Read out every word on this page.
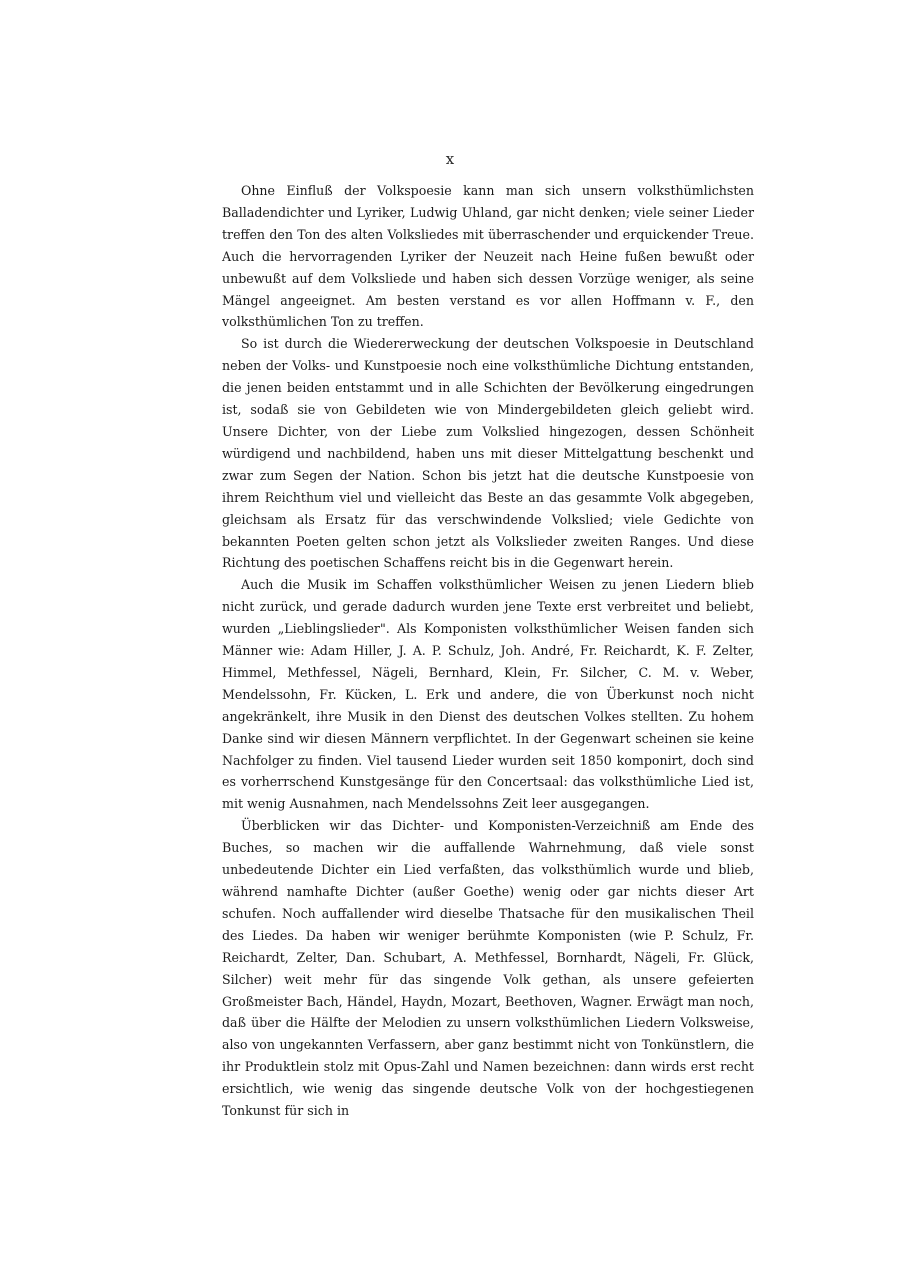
x

Ohne Einfluß der Volkspoesie kann man sich unsern volksthümlichsten Balladendichter und Lyriker, Ludwig Uhland, gar nicht denken; viele seiner Lieder treffen den Ton des alten Volksliedes mit überraschender und erquickender Treue. Auch die hervorragenden Lyriker der Neuzeit nach Heine fußen bewußt oder unbewußt auf dem Volksliede und haben sich dessen Vorzüge weniger, als seine Mängel angeeignet. Am besten verstand es vor allen Hoffmann v. F., den volksthümlichen Ton zu treffen.

So ist durch die Wiedererweckung der deutschen Volkspoesie in Deutschland neben der Volks- und Kunstpoesie noch eine volksthümliche Dichtung entstanden, die jenen beiden entstammt und in alle Schichten der Bevölkerung eingedrungen ist, sodaß sie von Gebildeten wie von Mindergebildeten gleich geliebt wird. Unsere Dichter, von der Liebe zum Volkslied hingezogen, dessen Schönheit würdigend und nachbildend, haben uns mit dieser Mittelgattung beschenkt und zwar zum Segen der Nation. Schon bis jetzt hat die deutsche Kunstpoesie von ihrem Reichthum viel und vielleicht das Beste an das gesammte Volk abgegeben, gleichsam als Ersatz für das verschwindende Volkslied; viele Gedichte von bekannten Poeten gelten schon jetzt als Volkslieder zweiten Ranges. Und diese Richtung des poetischen Schaffens reicht bis in die Gegenwart herein.

Auch die Musik im Schaffen volksthümlicher Weisen zu jenen Liedern blieb nicht zurück, und gerade dadurch wurden jene Texte erst verbreitet und beliebt, wurden „Lieblingslieder". Als Komponisten volksthümlicher Weisen fanden sich Männer wie: Adam Hiller, J. A. P. Schulz, Joh. André, Fr. Reichardt, K. F. Zelter, Himmel, Methfessel, Nägeli, Bernhard, Klein, Fr. Silcher, C. M. v. Weber, Mendelssohn, Fr. Kücken, L. Erk und andere, die von Überkunst noch nicht angekränkelt, ihre Musik in den Dienst des deutschen Volkes stellten. Zu hohem Danke sind wir diesen Männern verpflichtet. In der Gegenwart scheinen sie keine Nachfolger zu finden. Viel tausend Lieder wurden seit 1850 komponirt, doch sind es vorherrschend Kunstgesänge für den Concertsaal: das volksthümliche Lied ist, mit wenig Ausnahmen, nach Mendelssohns Zeit leer ausgegangen.

Überblicken wir das Dichter- und Komponisten-Verzeichniß am Ende des Buches, so machen wir die auffallende Wahrnehmung, daß viele sonst unbedeutende Dichter ein Lied verfaßten, das volksthümlich wurde und blieb, während namhafte Dichter (außer Goethe) wenig oder gar nichts dieser Art schufen. Noch auffallender wird dieselbe Thatsache für den musikalischen Theil des Liedes. Da haben wir weniger berühmte Komponisten (wie P. Schulz, Fr. Reichardt, Zelter, Dan. Schubart, A. Methfessel, Bornhardt, Nägeli, Fr. Glück, Silcher) weit mehr für das singende Volk gethan, als unsere gefeierten Großmeister Bach, Händel, Haydn, Mozart, Beethoven, Wagner. Erwägt man noch, daß über die Hälfte der Melodien zu unsern volksthümlichen Liedern Volksweise, also von ungekannten Verfassern, aber ganz bestimmt nicht von Tonkünstlern, die ihr Produktlein stolz mit Opus-Zahl und Namen bezeichnen: dann wirds erst recht ersichtlich, wie wenig das singende deutsche Volk von der hochgestiegenen Tonkunst für sich in
